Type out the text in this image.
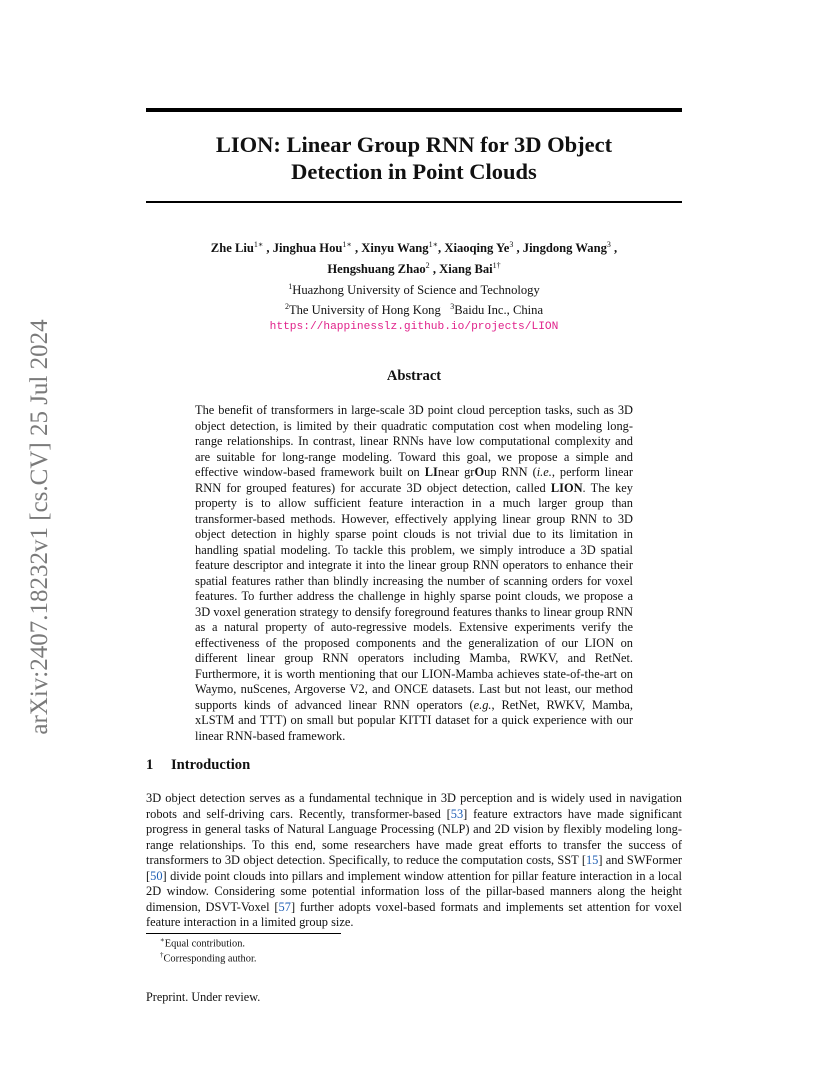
arXiv:2407.18232v1 [cs.CV] 25 Jul 2024
LION: Linear Group RNN for 3D Object
Detection in Point Clouds
Zhe Liu$^{1∗}$ , Jinghua Hou$^{1∗}$ , Xinyu Wang$^{1∗}$, Xiaoqing Ye$^3$ , Jingdong Wang$^3$ ,
Hengshuang Zhao$^2$ , Xiang Bai$^{1\dagger}$
$^1$Huazhong University of Science and Technology
$^2$The University of Hong Kong $^3$Baidu Inc., China
https://happinesslz.github.io/projects/LION
Abstract
The benefit of transformers in large-scale 3D point cloud perception tasks, such as 3D object detection, is limited by their quadratic computation cost when modeling long-range relationships. In contrast, linear RNNs have low computational complexity and are suitable for long-range modeling. Toward this goal, we propose a simple and effective window-based framework built on LInear grOup RNN (i.e., perform linear RNN for grouped features) for accurate 3D object detection, called LION. The key property is to allow sufficient feature interaction in a much larger group than transformer-based methods. However, effectively applying linear group RNN to 3D object detection in highly sparse point clouds is not trivial due to its limitation in handling spatial modeling. To tackle this problem, we simply introduce a 3D spatial feature descriptor and integrate it into the linear group RNN operators to enhance their spatial features rather than blindly increasing the number of scanning orders for voxel features. To further address the challenge in highly sparse point clouds, we propose a 3D voxel generation strategy to densify foreground features thanks to linear group RNN as a natural property of auto-regressive models. Extensive experiments verify the effectiveness of the proposed components and the generalization of our LION on different linear group RNN operators including Mamba, RWKV, and RetNet. Furthermore, it is worth mentioning that our LION-Mamba achieves state-of-the-art on Waymo, nuScenes, Argoverse V2, and ONCE datasets. Last but not least, our method supports kinds of advanced linear RNN operators (e.g., RetNet, RWKV, Mamba, xLSTM and TTT) on small but popular KITTI dataset for a quick experience with our linear RNN-based framework.
1 Introduction
3D object detection serves as a fundamental technique in 3D perception and is widely used in navigation robots and self-driving cars. Recently, transformer-based [53] feature extractors have made significant progress in general tasks of Natural Language Processing (NLP) and 2D vision by flexibly modeling long-range relationships. To this end, some researchers have made great efforts to transfer the success of transformers to 3D object detection. Specifically, to reduce the computation costs, SST [15] and SWFormer [50] divide point clouds into pillars and implement window attention for pillar feature interaction in a local 2D window. Considering some potential information loss of the pillar-based manners along the height dimension, DSVT-Voxel [57] further adopts voxel-based formats and implements set attention for voxel feature interaction in a limited group size.
∗Equal contribution.
†Corresponding author.
Preprint. Under review.
